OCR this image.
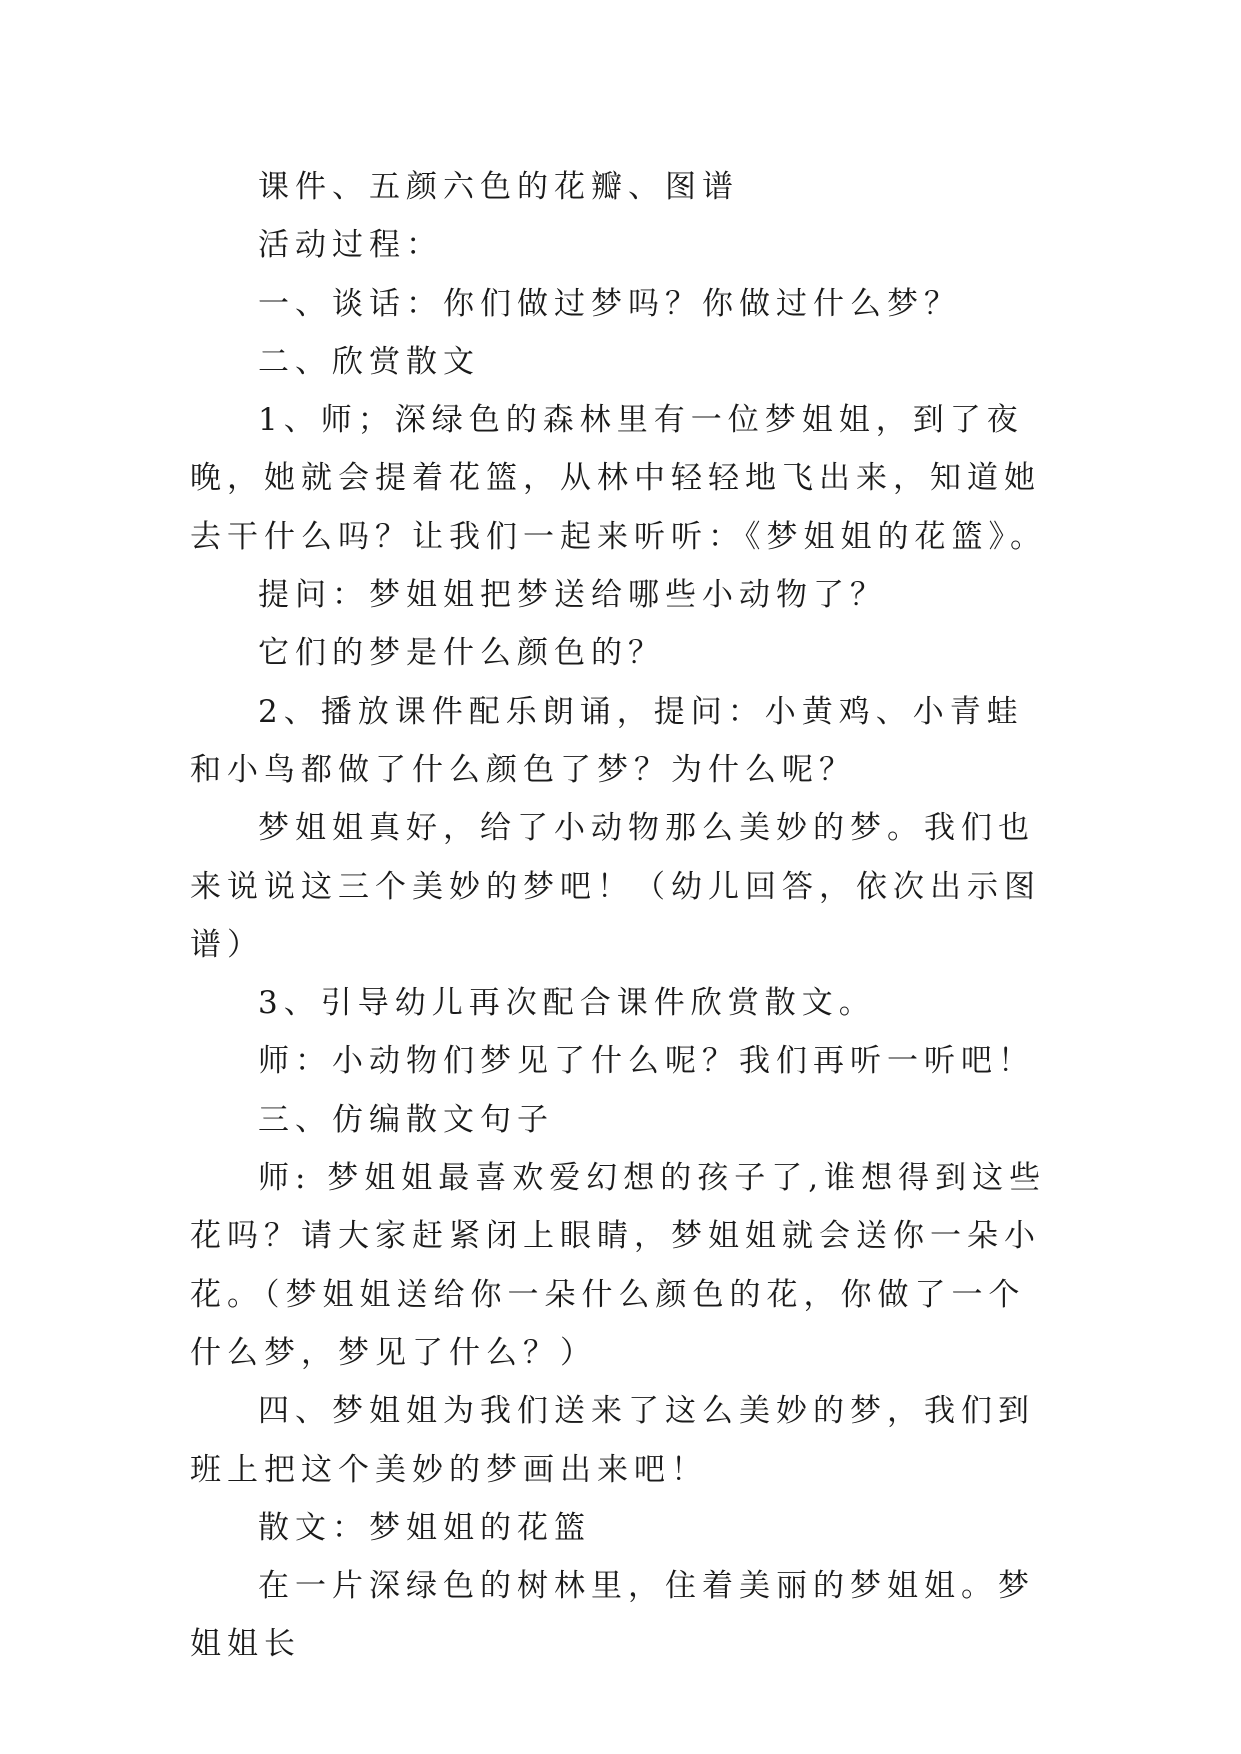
课件、五颜六色的花瓣、图谱

活动过程：

一、谈话：你们做过梦吗？你做过什么梦？

二、欣赏散文

1、师；深绿色的森林里有一位梦姐姐，到了夜晚，她就会提着花篮，从林中轻轻地飞出来，知道她去干什么吗？让我们一起来听听：《梦姐姐的花篮》。

提问：梦姐姐把梦送给哪些小动物了？

它们的梦是什么颜色的？

2、播放课件配乐朗诵，提问：小黄鸡、小青蛙和小鸟都做了什么颜色了梦？为什么呢？

梦姐姐真好，给了小动物那么美妙的梦。我们也来说说这三个美妙的梦吧！（幼儿回答，依次出示图谱）

3、引导幼儿再次配合课件欣赏散文。

师：小动物们梦见了什么呢？我们再听一听吧！

三、仿编散文句子

师: 梦姐姐最喜欢爱幻想的孩子了,谁想得到这些花吗？请大家赶紧闭上眼睛，梦姐姐就会送你一朵小花。（梦姐姐送给你一朵什么颜色的花，你做了一个什么梦，梦见了什么？）

四、梦姐姐为我们送来了这么美妙的梦，我们到班上把这个美妙的梦画出来吧！

散文：梦姐姐的花篮

在一片深绿色的树林里，住着美丽的梦姐姐。梦姐姐长
